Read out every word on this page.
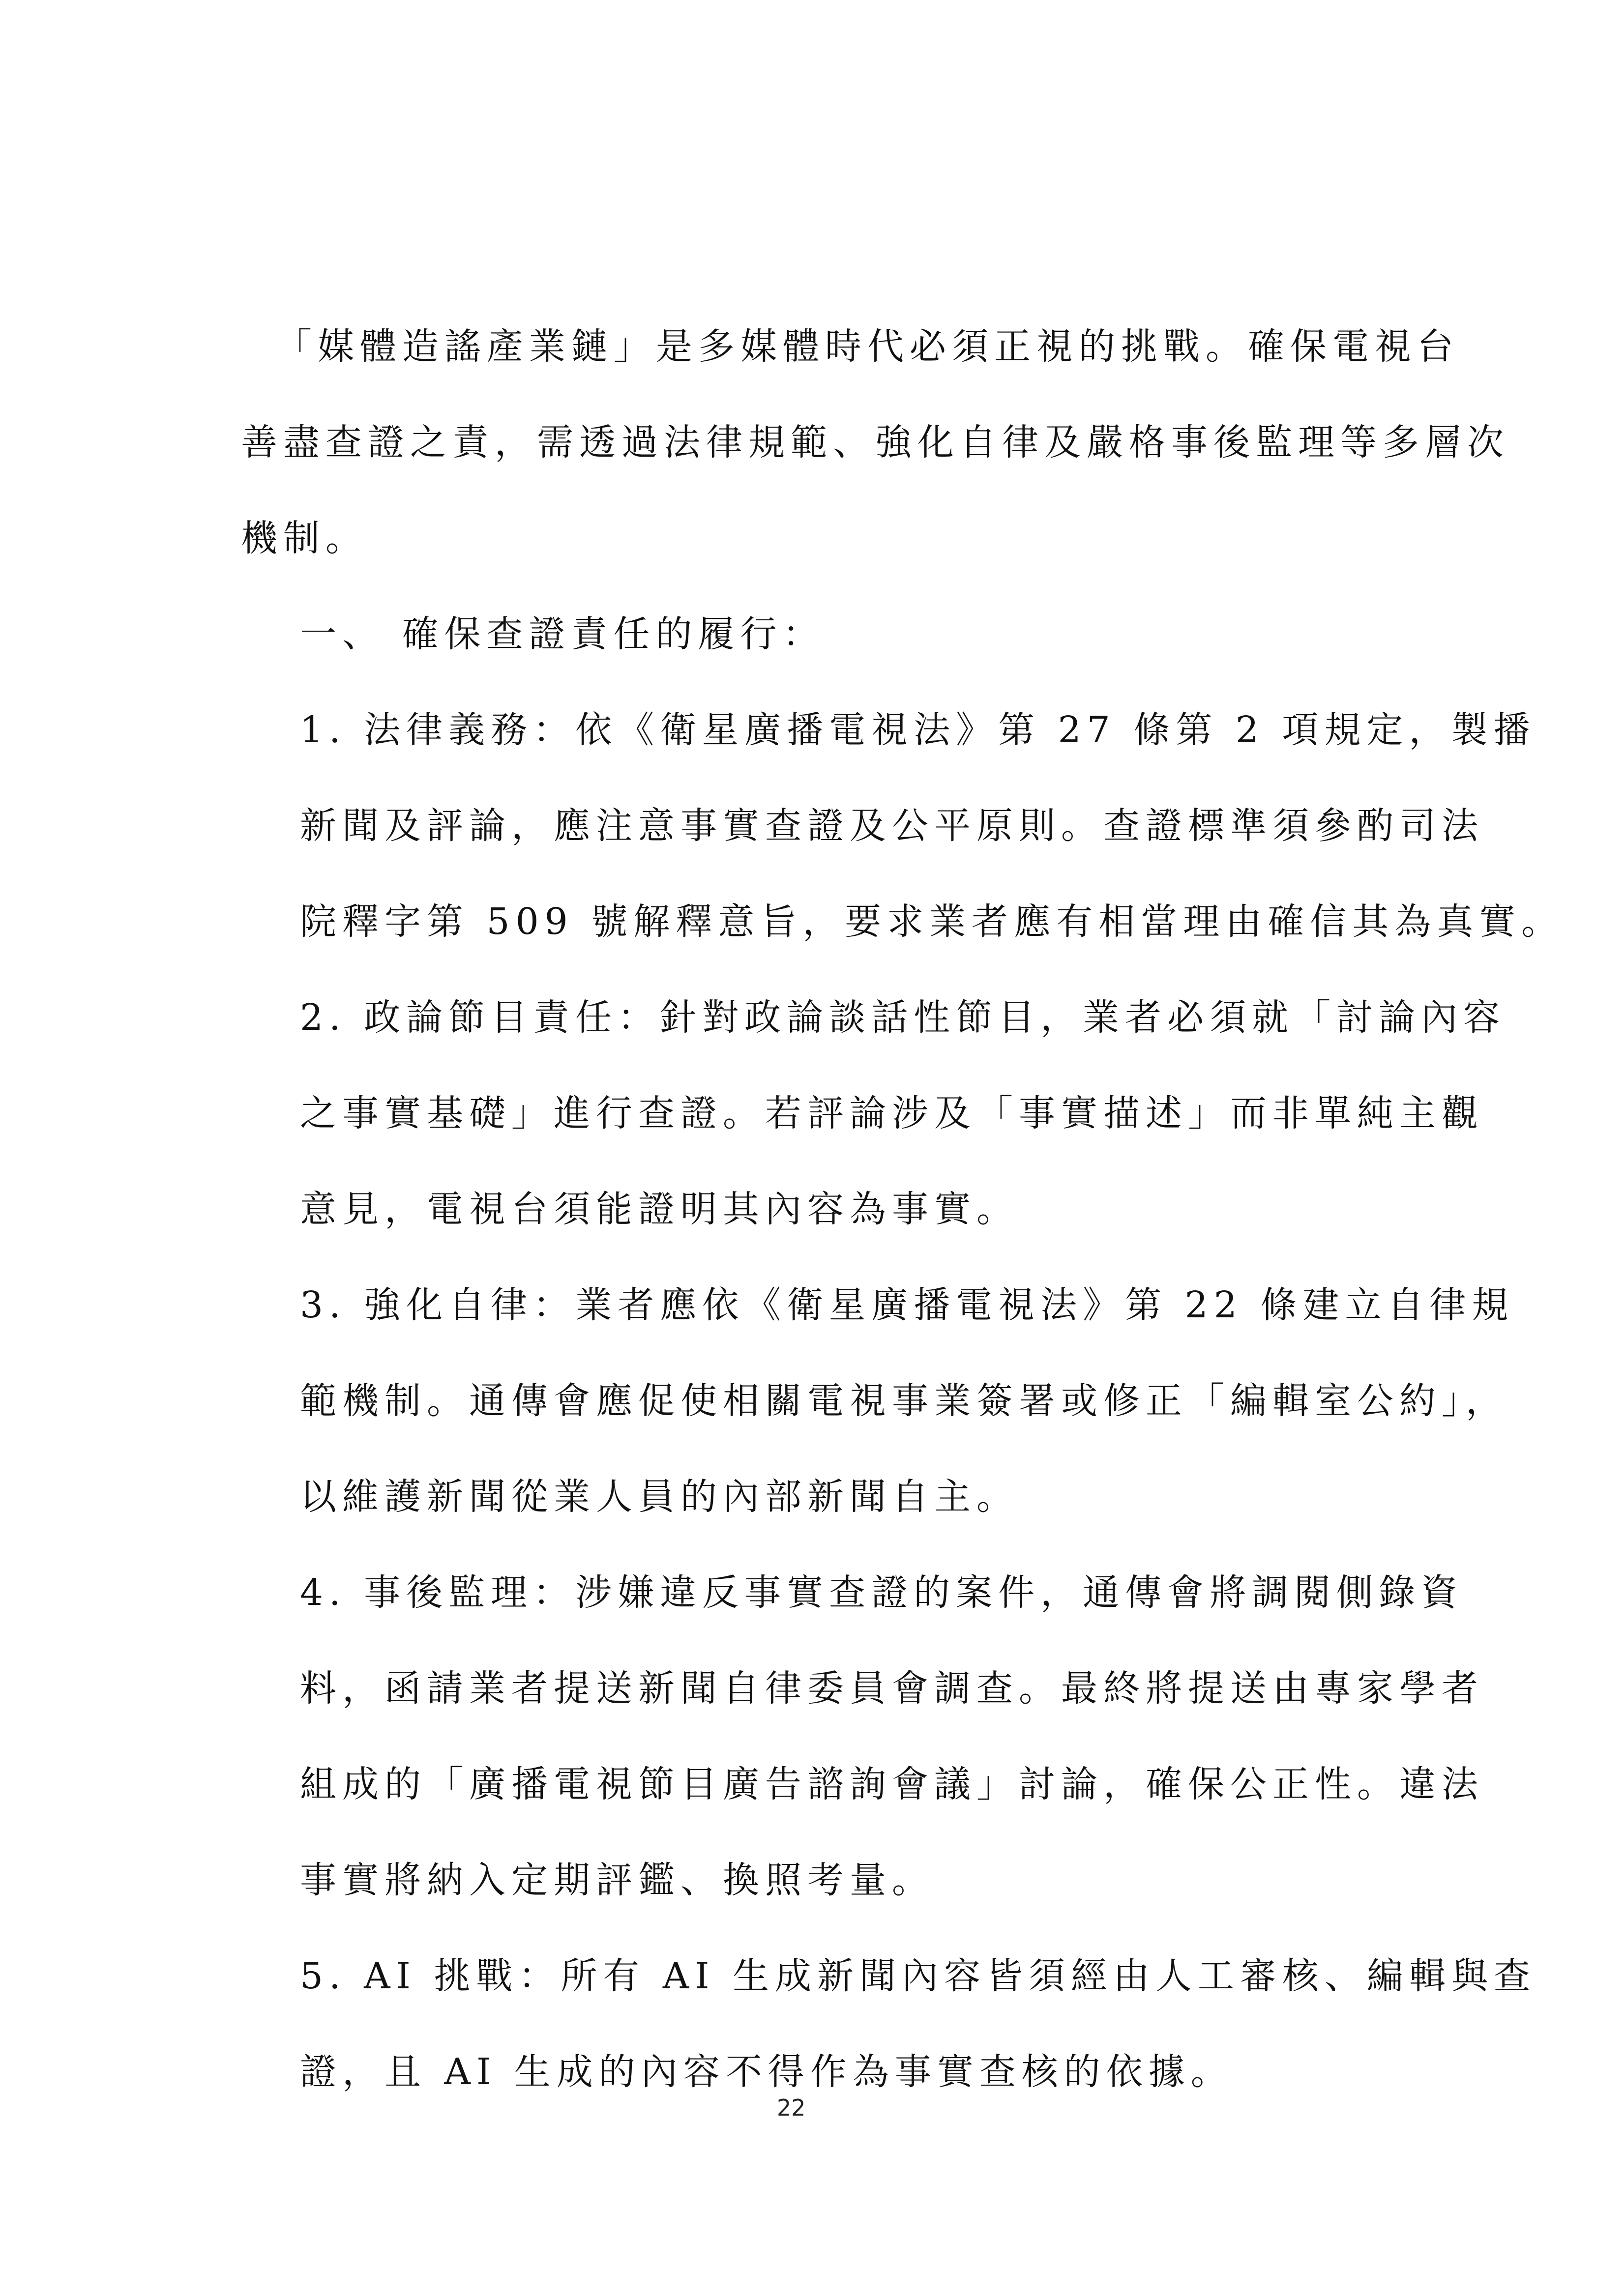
「媒體造謠產業鏈」是多媒體時代必須正視的挑戰。確保電視台
善盡查證之責，需透過法律規範、強化自律及嚴格事後監理等多層次
機制。
一、 確保查證責任的履行：
1. 法律義務：依《衛星廣播電視法》第 27 條第 2 項規定，製播
新聞及評論，應注意事實查證及公平原則。查證標準須參酌司法
院釋字第 509 號解釋意旨，要求業者應有相當理由確信其為真實。
2. 政論節目責任：針對政論談話性節目，業者必須就「討論內容
之事實基礎」進行查證。若評論涉及「事實描述」而非單純主觀
意見，電視台須能證明其內容為事實。
3. 強化自律：業者應依《衛星廣播電視法》第 22 條建立自律規
範機制。通傳會應促使相關電視事業簽署或修正「編輯室公約」，
以維護新聞從業人員的內部新聞自主。
4. 事後監理：涉嫌違反事實查證的案件，通傳會將調閱側錄資
料，函請業者提送新聞自律委員會調查。最終將提送由專家學者
組成的「廣播電視節目廣告諮詢會議」討論，確保公正性。違法
事實將納入定期評鑑、換照考量。
5. AI 挑戰：所有 AI 生成新聞內容皆須經由人工審核、編輯與查
證，且 AI 生成的內容不得作為事實查核的依據。
22
